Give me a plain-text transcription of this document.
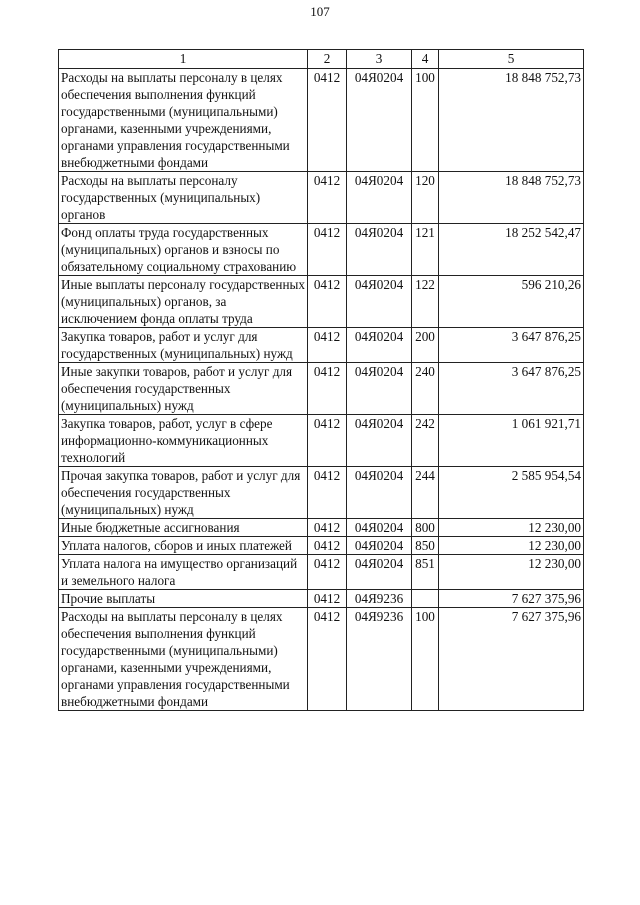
107
1	2	3	4	5
Расходы на выплаты персоналу в целях обеспечения выполнения функций государственными (муниципальными) органами, казенными учреждениями, органами управления государственными внебюджетными фондами	0412	04Я0204	100	18 848 752,73
Расходы на выплаты персоналу государственных (муниципальных) органов	0412	04Я0204	120	18 848 752,73
Фонд оплаты труда государственных (муниципальных) органов и взносы по обязательному социальному страхованию	0412	04Я0204	121	18 252 542,47
Иные выплаты персоналу государственных (муниципальных) органов, за исключением фонда оплаты труда	0412	04Я0204	122	596 210,26
Закупка товаров, работ и услуг для государственных (муниципальных) нужд	0412	04Я0204	200	3 647 876,25
Иные закупки товаров, работ и услуг для обеспечения государственных (муниципальных) нужд	0412	04Я0204	240	3 647 876,25
Закупка товаров, работ, услуг в сфере информационно-коммуникационных технологий	0412	04Я0204	242	1 061 921,71
Прочая закупка товаров, работ и услуг для обеспечения государственных (муниципальных) нужд	0412	04Я0204	244	2 585 954,54
Иные бюджетные ассигнования	0412	04Я0204	800	12 230,00
Уплата налогов, сборов и иных платежей	0412	04Я0204	850	12 230,00
Уплата налога на имущество организаций и земельного налога	0412	04Я0204	851	12 230,00
Прочие выплаты	0412	04Я9236		7 627 375,96
Расходы на выплаты персоналу в целях обеспечения выполнения функций государственными (муниципальными) органами, казенными учреждениями, органами управления государственными внебюджетными фондами	0412	04Я9236	100	7 627 375,96
